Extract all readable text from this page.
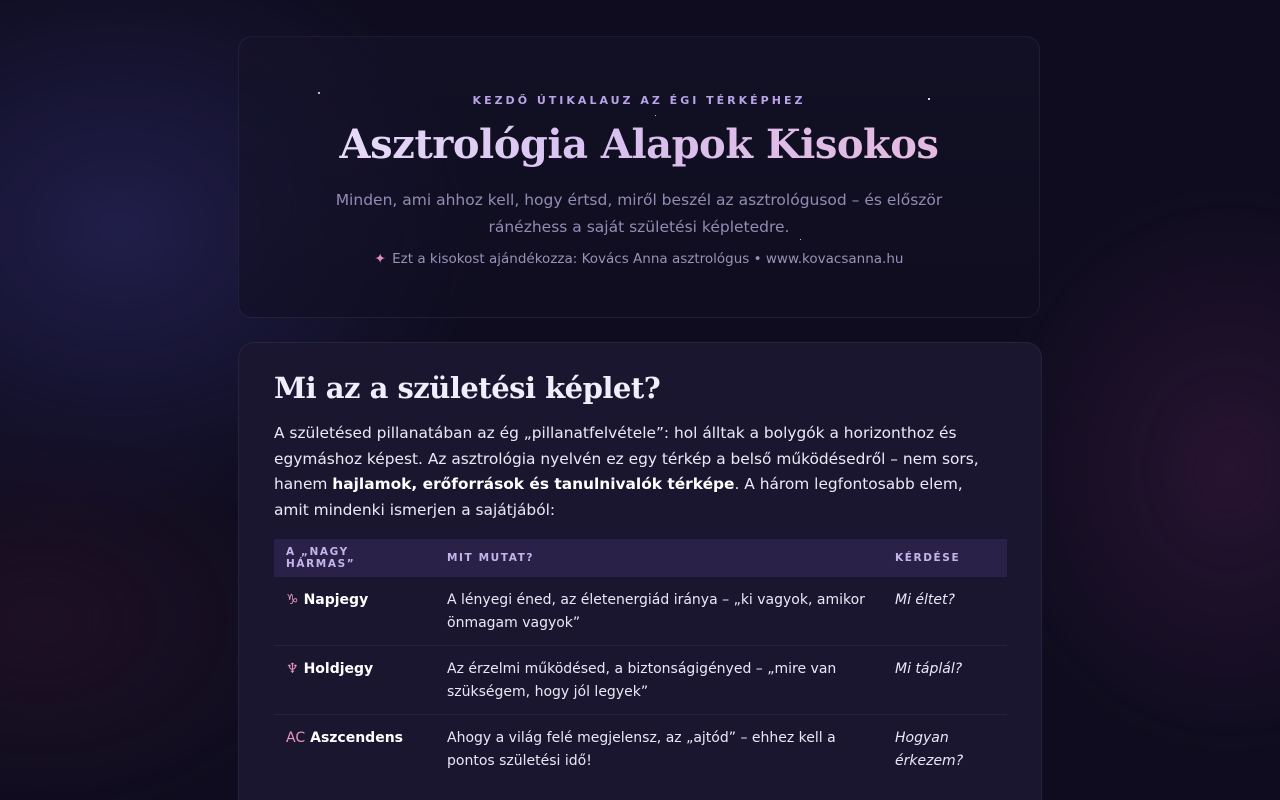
KEZDŐ ÚTIKALAUZ AZ ÉGI TÉRKÉPHEZ
Asztrológia Alapok Kisokos

Minden, ami ahhoz kell, hogy értsd, miről beszél az asztrológusod – és először ránézhess a saját születési képletedre.

✦ Ezt a kisokost ajándékozza: Kovács Anna asztrológus • www.kovacsanna.hu
Mi az a születési képlet?

A születésed pillanatában az ég „pillanatfelvétele”: hol álltak a bolygók a horizonthoz és egymáshoz képest. Az asztrológia nyelvén ez egy térkép a belső működésedről – nem sors, hanem hajlamok, erőforrások és tanulnivalók térképe. A három legfontosabb elem, amit mindenki ismerjen a sajátjából:

A „NAGY HÁRMAS”	MIT MUTAT?	KÉRDÉSE
♑ Napjegy	A lényegi éned, az életenergiád iránya – „ki vagyok, amikor önmagam vagyok”	Mi éltet?
♆ Holdjegy	Az érzelmi működésed, a biztonságigényed – „mire van szükségem, hogy jól legyek”	Mi táplál?
AC Aszcendens	Ahogy a világ felé megjelensz, az „ajtód” – ehhez kell a pontos születési idő!	Hogyan érkezem?
